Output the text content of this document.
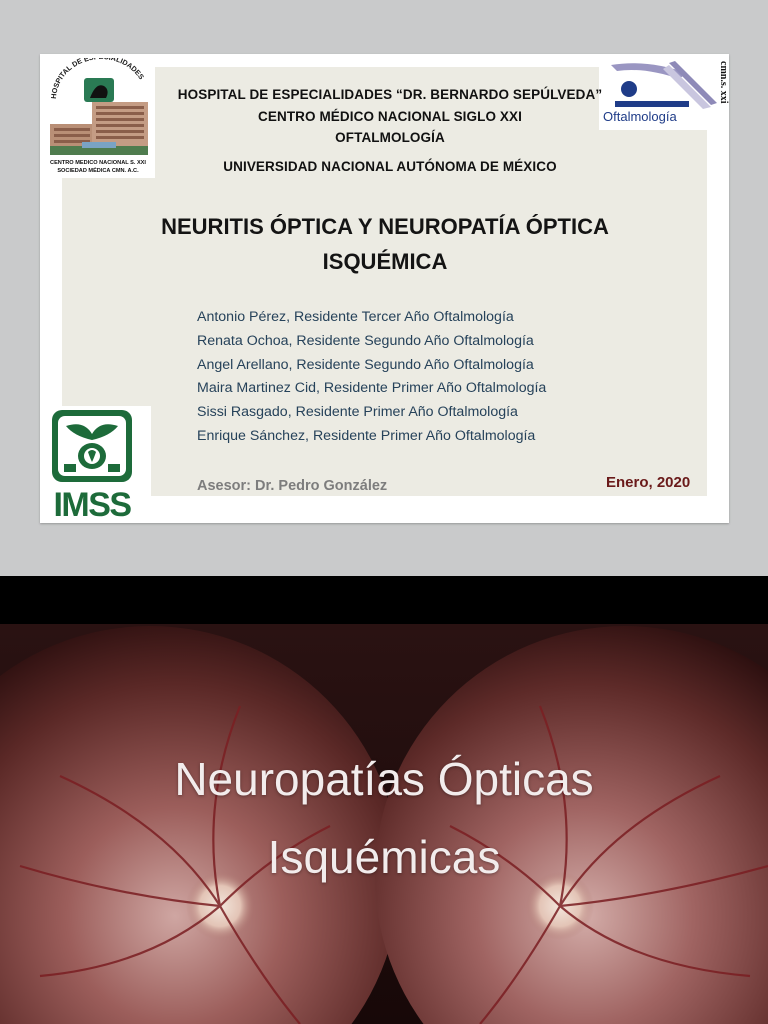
HOSPITAL DE E ALIDADES
CENTRO MEDICO NACIONAL S. XXI
SOCIEDAD MÉDICA CMN. A.C.
Oftalmología
cmn.s. xxi
IMSS
HOSPITAL DE ESPECIALIDADES “DR. BERNARDO SEPÚLVEDA”
CENTRO MÉDICO NACIONAL SIGLO XXI
OFTALMOLOGÍA
UNIVERSIDAD NACIONAL AUTÓNOMA DE MÉXICO
NEURITIS ÓPTICA Y NEUROPATÍA ÓPTICA
ISQUÉMICA
Antonio Pérez, Residente Tercer Año Oftalmología
Renata Ochoa, Residente Segundo Año Oftalmología
Angel Arellano, Residente Segundo Año Oftalmología
Maira Martinez Cid, Residente Primer Año Oftalmología
Sissi Rasgado, Residente Primer Año Oftalmología
Enrique Sánchez, Residente Primer Año Oftalmología
Asesor: Dr. Pedro González	Enero, 2020
Neuropatías Ópticas
Isquémicas
